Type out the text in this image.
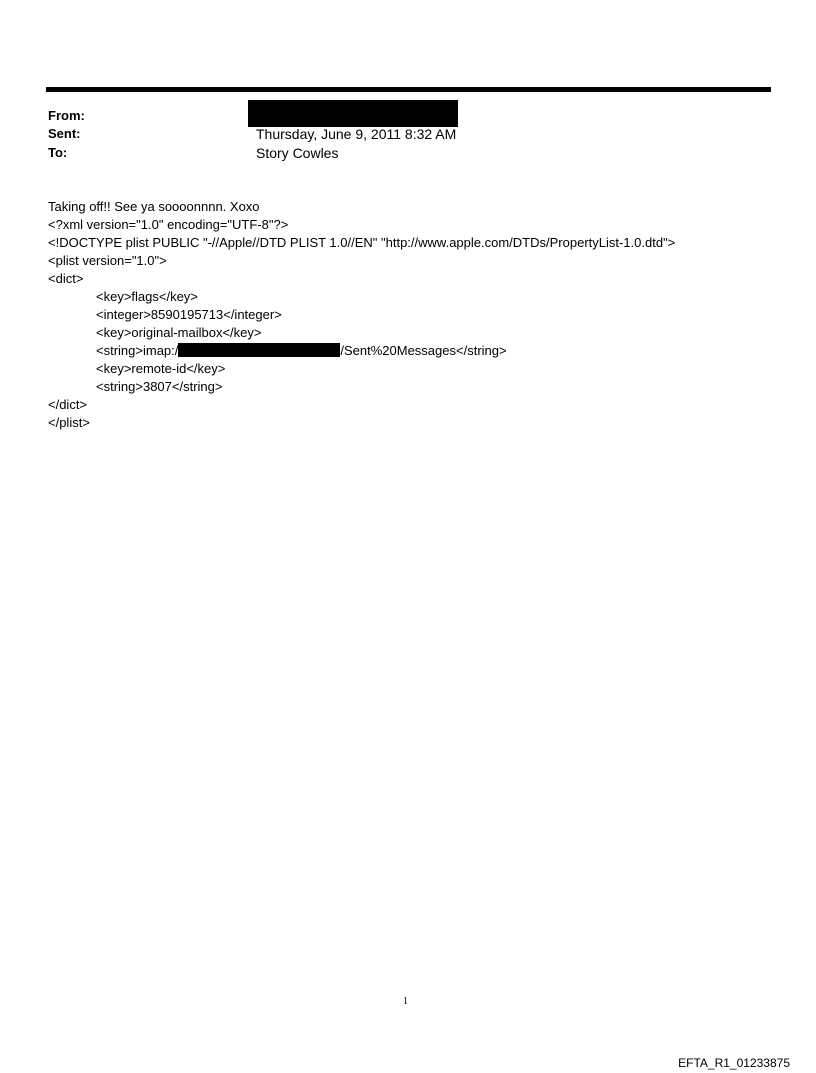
From:
Sent:	Thursday, June 9, 2011 8:32 AM
To:	Story Cowles
Taking off!! See ya soooonnnn. Xoxo
<?xml version="1.0" encoding="UTF-8"?>
<!DOCTYPE plist PUBLIC "-//Apple//DTD PLIST 1.0//EN" "http://www.apple.com/DTDs/PropertyList-1.0.dtd">
<plist version="1.0">
<dict>
<key>flags</key>
<integer>8590195713</integer>
<key>original-mailbox</key>
<string>imap:/	/Sent%20Messages</string>
<key>remote-id</key>
<string>3807</string>
</dict>
</plist>
1
EFTA_R1_01233875
